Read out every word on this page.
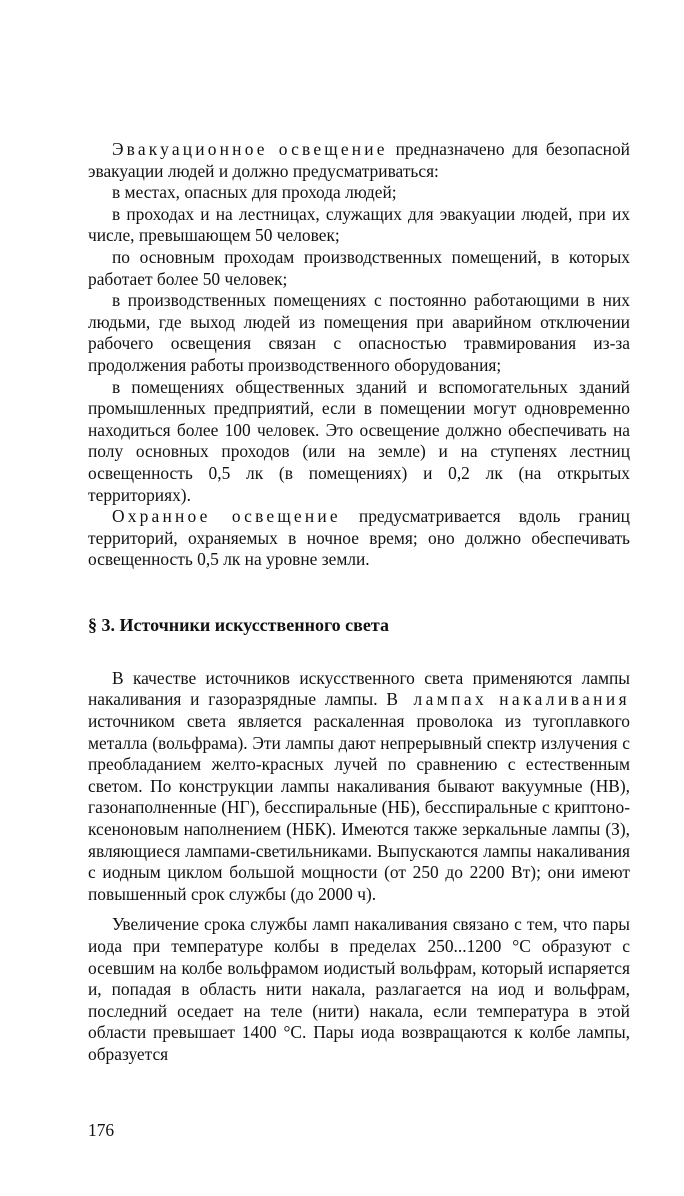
Эвакуационное освещение предназначено для безопасной эвакуации людей и должно предусматриваться:

в местах, опасных для прохода людей;

в проходах и на лестницах, служащих для эвакуации людей, при их числе, превышающем 50 человек;

по основным проходам производственных помещений, в которых работает более 50 человек;

в производственных помещениях с постоянно работающими в них людьми, где выход людей из помещения при аварийном отключении рабочего освещения связан с опасностью травмирования из-за продолжения работы производственного оборудования;

в помещениях общественных зданий и вспомогательных зданий промышленных предприятий, если в помещении могут одновременно находиться более 100 человек. Это освещение должно обеспечивать на полу основных проходов (или на земле) и на ступенях лестниц освещенность 0,5 лк (в помещениях) и 0,2 лк (на открытых территориях).

Охранное освещение предусматривается вдоль границ территорий, охраняемых в ночное время; оно должно обеспечивать освещенность 0,5 лк на уровне земли.

§ 3. Источники искусственного света

В качестве источников искусственного света применяются лампы накаливания и газоразрядные лампы. В лампах накаливания источником света является раскаленная проволока из тугоплавкого металла (вольфрама). Эти лампы дают непрерывный спектр излучения с преобладанием желто-красных лучей по сравнению с естественным светом. По конструкции лампы накаливания бывают вакуумные (НВ), газонаполненные (НГ), бесспиральные (НБ), бесспиральные с криптоно-ксеноновым наполнением (НБК). Имеются также зеркальные лампы (З), являющиеся лампами-светильниками. Выпускаются лампы накаливания с иодным циклом большой мощности (от 250 до 2200 Вт); они имеют повышенный срок службы (до 2000 ч).

Увеличение срока службы ламп накаливания связано с тем, что пары иода при температуре колбы в пределах 250...1200 °С образуют с осевшим на колбе вольфрамом иодистый вольфрам, который испаряется и, попадая в область нити накала, разлагается на иод и вольфрам, последний оседает на теле (нити) накала, если температура в этой области превышает 1400 °С. Пары иода возвращаются к колбе лампы, образуется

176
